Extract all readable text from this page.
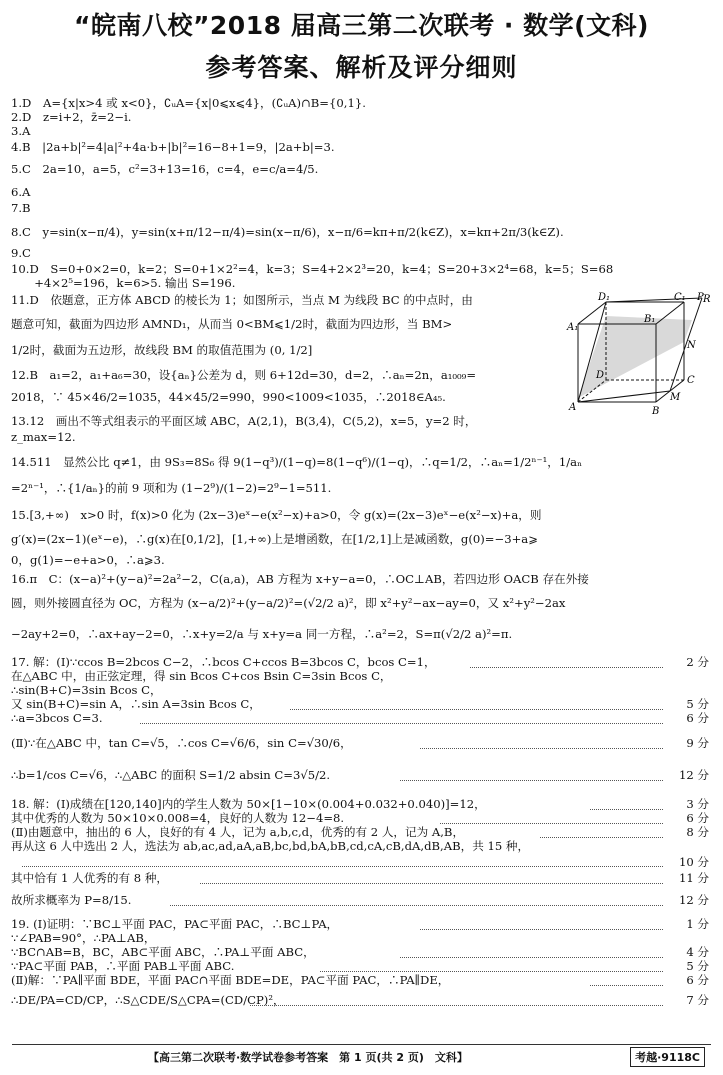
“皖南八校”2018 届高三第二次联考 · 数学(文科)
参考答案、解析及评分细则
1.D　A={x|x>4 或 x<0}，∁ᵤA={x|0⩽x⩽4}，(∁ᵤA)∩B={0,1}.
2.D　z=i+2，z̄=2−i.
3.A
4.B　|2a+b|²=4|a|²+4a·b+|b|²=16−8+1=9，|2a+b|=3.
5.C　2a=10，a=5，c²=3+13=16，c=4，e=c/a=4/5.
6.A
7.B
8.C　y=sin(x−π/4)，y=sin(x+π/12−π/4)=sin(x−π/6)，x−π/6=kπ+π/2(k∈Z)，x=kπ+2π/3(k∈Z).
9.C
10.D　S=0+0×2=0，k=2；S=0+1×2²=4，k=3；S=4+2×2³=20，k=4；S=20+3×2⁴=68，k=5；S=68
　　+4×2⁵=196，k=6>5. 输出 S=196.
11.D　依题意，正方体 ABCD 的棱长为 1；如图所示，当点 M 为线段 BC 的中点时，由
题意可知，截面为四边形 AMND₁，从而当 0<BM⩽1/2时，截面为四边形，当 BM>
1/2时，截面为五边形，故线段 BM 的取值范围为 (0, 1/2]
12.B　a₁=2，a₁+a₆=30，设{aₙ}公差为 d，则 6+12d=30，d=2，∴aₙ=2n，a₁₀₀₉=
2018，∵ 45×46/2=1035，44×45/2=990，990<1009<1035，∴2018∈A₄₅.
13.12　画出不等式组表示的平面区域 ABC，A(2,1)，B(3,4)，C(5,2)，x=5，y=2 时，
z_max=12.
D₁	C₁
A₁
B₁
D
N
C
M
A	B
P R
14.511　显然公比 q≠1，由 9S₃=8S₆ 得 9(1−q³)/(1−q)=8(1−q⁶)/(1−q)，∴q=1/2，∴aₙ=1/2ⁿ⁻¹，1/aₙ
=2ⁿ⁻¹，∴{1/aₙ}的前 9 项和为 (1−2⁹)/(1−2)=2⁹−1=511.
15.[3,+∞)　x>0 时，f(x)>0 化为 (2x−3)eˣ−e(x²−x)+a>0，令 g(x)=(2x−3)eˣ−e(x²−x)+a，则
g′(x)=(2x−1)(eˣ−e)，∴g(x)在[0,1/2]，[1,+∞)上是增函数，在[1/2,1]上是减函数，g(0)=−3+a⩾
0，g(1)=−e+a>0，∴a⩾3.
16.π　C：(x−a)²+(y−a)²=2a²−2，C(a,a)，AB 方程为 x+y−a=0，∴OC⊥AB，若四边形 OACB 存在外接
圆，则外接圆直径为 OC，方程为 (x−a/2)²+(y−a/2)²=(√2/2 a)²，即 x²+y²−ax−ay=0，又 x²+y²−2ax
−2ay+2=0，∴ax+ay−2=0，∴x+y=2/a 与 x+y=a 同一方程，∴a²=2，S=π(√2/2 a)²=π.
17. 解：(Ⅰ)∵ccos B=2bcos C−2，∴bcos C+ccos B=3bcos C，bcos C=1，	2 分
在△ABC 中，由正弦定理，得 sin Bcos C+cos Bsin C=3sin Bcos C，
∴sin(B+C)=3sin Bcos C，
又 sin(B+C)=sin A，∴sin A=3sin Bcos C，	5 分
∴a=3bcos C=3.	6 分
(Ⅱ)∵在△ABC 中，tan C=√5，∴cos C=√6/6，sin C=√30/6，	9 分
∴b=1/cos C=√6，∴△ABC 的面积 S=1/2 absin C=3√5/2.	12 分
18. 解：(Ⅰ)成绩在[120,140]内的学生人数为 50×[1−10×(0.004+0.032+0.040)]=12，	3 分
其中优秀的人数为 50×10×0.008=4，良好的人数为 12−4=8.	6 分
(Ⅱ)由题意中，抽出的 6 人，良好的有 4 人，记为 a,b,c,d，优秀的有 2 人，记为 A,B，	8 分
再从这 6 人中选出 2 人，选法为 ab,ac,ad,aA,aB,bc,bd,bA,bB,cd,cA,cB,dA,dB,AB，共 15 种，
10 分
其中恰有 1 人优秀的有 8 种，	11 分
故所求概率为 P=8/15.	12 分
19. (Ⅰ)证明：∵BC⊥平面 PAC，PA⊂平面 PAC，∴BC⊥PA，	1 分
∵∠PAB=90°，∴PA⊥AB，
∵BC∩AB=B，BC，AB⊂平面 ABC，∴PA⊥平面 ABC，	4 分
∵PA⊂平面 PAB，∴平面 PAB⊥平面 ABC.	5 分
(Ⅱ)解：∵PA∥平面 BDE，平面 PAC∩平面 BDE=DE，PA⊂平面 PAC，∴PA∥DE，	6 分
∴DE/PA=CD/CP，∴S△CDE/S△CPA=(CD/CP)²，	7 分
【高三第二次联考·数学试卷参考答案　第 1 页(共 2 页)　文科】	考越·9118C
